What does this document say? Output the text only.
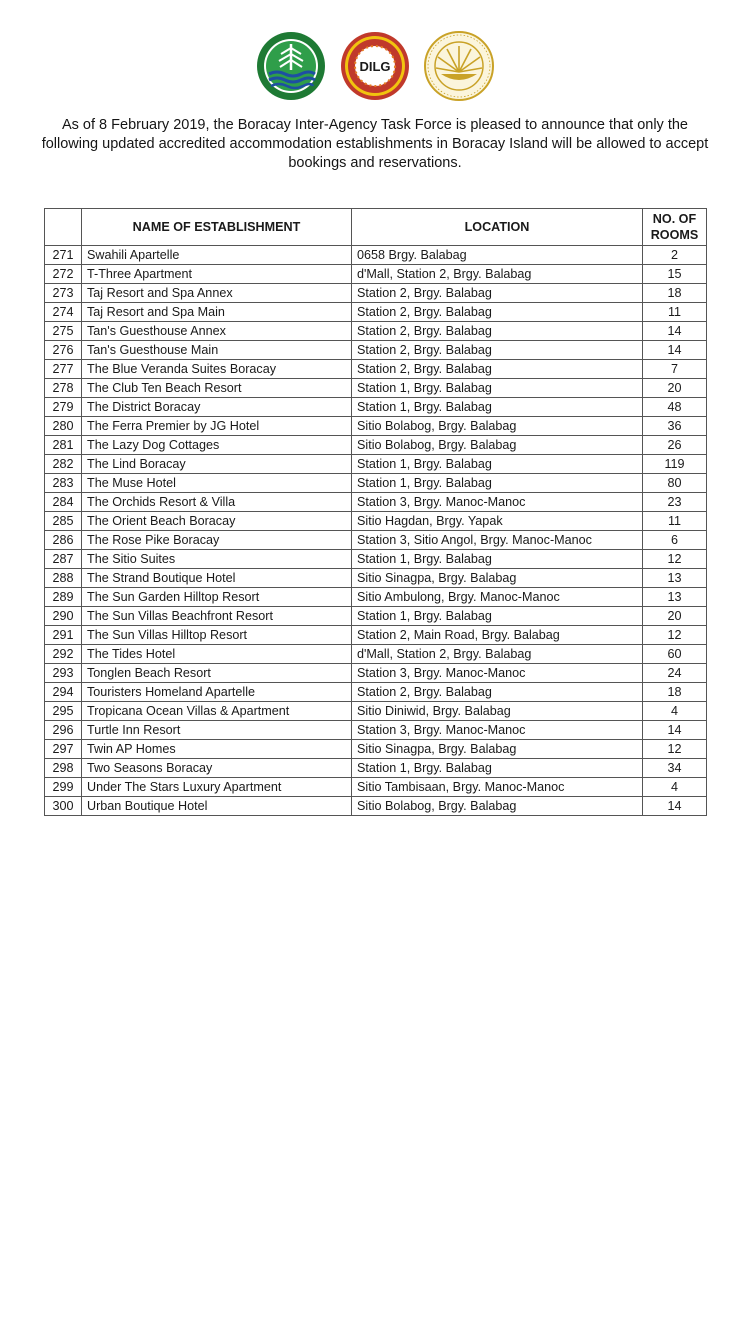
DILG

As of 8 February 2019, the Boracay Inter-Agency Task Force is pleased to announce that only the following updated accredited accommodation establishments in Boracay Island will be allowed to accept bookings and reservations.

	NAME OF ESTABLISHMENT	LOCATION	NO. OF
ROOMS
271	Swahili Apartelle	0658 Brgy. Balabag	2
272	T-Three Apartment	d'Mall, Station 2, Brgy. Balabag	15
273	Taj Resort and Spa Annex	Station 2, Brgy. Balabag	18
274	Taj Resort and Spa Main	Station 2, Brgy. Balabag	11
275	Tan's Guesthouse Annex	Station 2, Brgy. Balabag	14
276	Tan's Guesthouse Main	Station 2, Brgy. Balabag	14
277	The Blue Veranda Suites Boracay	Station 2, Brgy. Balabag	7
278	The Club Ten Beach Resort	Station 1, Brgy. Balabag	20
279	The District Boracay	Station 1, Brgy. Balabag	48
280	The Ferra Premier by JG Hotel	Sitio Bolabog, Brgy. Balabag	36
281	The Lazy Dog Cottages	Sitio Bolabog, Brgy. Balabag	26
282	The Lind Boracay	Station 1, Brgy. Balabag	119
283	The Muse Hotel	Station 1, Brgy. Balabag	80
284	The Orchids Resort & Villa	Station 3, Brgy. Manoc-Manoc	23
285	The Orient Beach Boracay	Sitio Hagdan, Brgy. Yapak	11
286	The Rose Pike Boracay	Station 3, Sitio Angol, Brgy. Manoc-Manoc	6
287	The Sitio Suites	Station 1, Brgy. Balabag	12
288	The Strand Boutique Hotel	Sitio Sinagpa, Brgy. Balabag	13
289	The Sun Garden Hilltop Resort	Sitio Ambulong, Brgy. Manoc-Manoc	13
290	The Sun Villas Beachfront Resort	Station 1, Brgy. Balabag	20
291	The Sun Villas Hilltop Resort	Station 2, Main Road, Brgy. Balabag	12
292	The Tides Hotel	d'Mall, Station 2, Brgy. Balabag	60
293	Tonglen Beach Resort	Station 3, Brgy. Manoc-Manoc	24
294	Touristers Homeland Apartelle	Station 2, Brgy. Balabag	18
295	Tropicana Ocean Villas & Apartment	Sitio Diniwid, Brgy. Balabag	4
296	Turtle Inn Resort	Station 3, Brgy. Manoc-Manoc	14
297	Twin AP Homes	Sitio Sinagpa, Brgy. Balabag	12
298	Two Seasons Boracay	Station 1, Brgy. Balabag	34
299	Under The Stars Luxury Apartment	Sitio Tambisaan, Brgy. Manoc-Manoc	4
300	Urban Boutique Hotel	Sitio Bolabog, Brgy. Balabag	14
